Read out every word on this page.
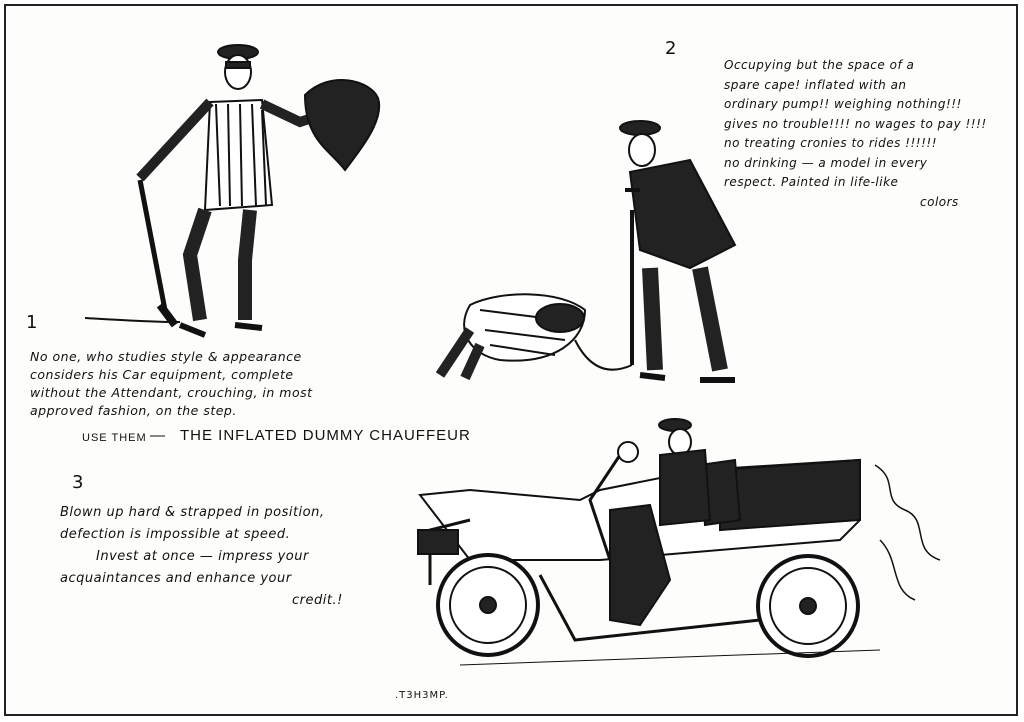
1
No one, who studies style & appearance
considers his Car equipment, complete
without the Attendant, crouching, in most
approved fashion, on the step.
USE THEM — THE INFLATED DUMMY CHAUFFEUR
2
Occupying but the space of a
spare cape! inflated with an
ordinary pump!! weighing nothing!!!
gives no trouble!!!! no wages to pay !!!!
no treating cronies to rides !!!!!!
no drinking — a model in every
respect. Painted in life-like
colors
3
Blown up hard & strapped in position,
defection is impossible at speed.
Invest at once — impress your
acquaintances and enhance your
credit.!
.T3H3MP.
